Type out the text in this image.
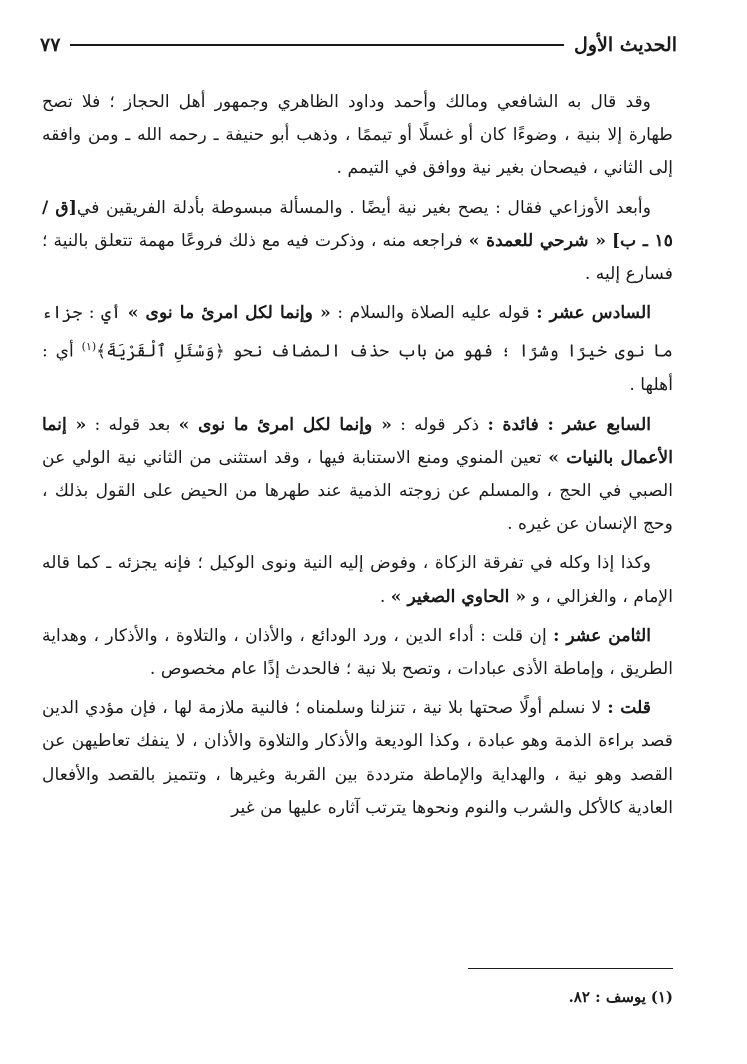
الحديث الأول
٧٧

وقد قال به الشافعي ومالك وأحمد وداود الظاهري وجمهور أهل الحجاز ؛ فلا تصح طهارة إلا بنية ، وضوءًا كان أو غسلًا أو تيممًا ، وذهب أبو حنيفة ـ رحمه الله ـ ومن وافقه إلى الثاني ، فيصحان بغير نية ووافق في التيمم .

وأبعد الأوزاعي فقال : يصح بغير نية أيضًا . والمسألة مبسوطة بأدلة الفريقين في[ق / ١٥ ـ ب] « شرحي للعمدة » فراجعه منه ، وذكرت فيه مع ذلك فروعًا مهمة تتعلق بالنية ؛ فسارع إليه .

السادس عشر : قوله عليه الصلاة والسلام : « وإنما لكل امرئ ما نوى » أي : جزاء ما نوى خيرًا وشرًا ؛ فهو من باب حذف المضاف نحو ﴿وَسْئَلِ ٱلْقَرْيَةَ﴾$^{(١)}$ أي : أهلها .

السابع عشر : فائدة : ذكر قوله : « وإنما لكل امرئ ما نوى » بعد قوله : « إنما الأعمال بالنيات » تعين المنوي ومنع الاستنابة فيها ، وقد استثنى من الثاني نية الولي عن الصبي في الحج ، والمسلم عن زوجته الذمية عند طهرها من الحيض على القول بذلك ، وحج الإنسان عن غيره .

وكذا إذا وكله في تفرقة الزكاة ، وفوض إليه النية ونوى الوكيل ؛ فإنه يجزئه ـ كما قاله الإمام ، والغزالي ، و « الحاوي الصغير » .

الثامن عشر : إن قلت : أداء الدين ، ورد الودائع ، والأذان ، والتلاوة ، والأذكار ، وهداية الطريق ، وإماطة الأذى عبادات ، وتصح بلا نية ؛ فالحدث إذًا عام مخصوص .

قلت : لا نسلم أولًا صحتها بلا نية ، تنزلنا وسلمناه ؛ فالنية ملازمة لها ، فإن مؤدي الدين قصد براءة الذمة وهو عبادة ، وكذا الوديعة والأذكار والتلاوة والأذان ، لا ينفك تعاطيهن عن القصد وهو نية ، والهداية والإماطة مترددة بين القربة وغيرها ، وتتميز بالقصد والأفعال العادية كالأكل والشرب والنوم ونحوها يترتب آثاره عليها من غير

(١) يوسف : ٨٢.
